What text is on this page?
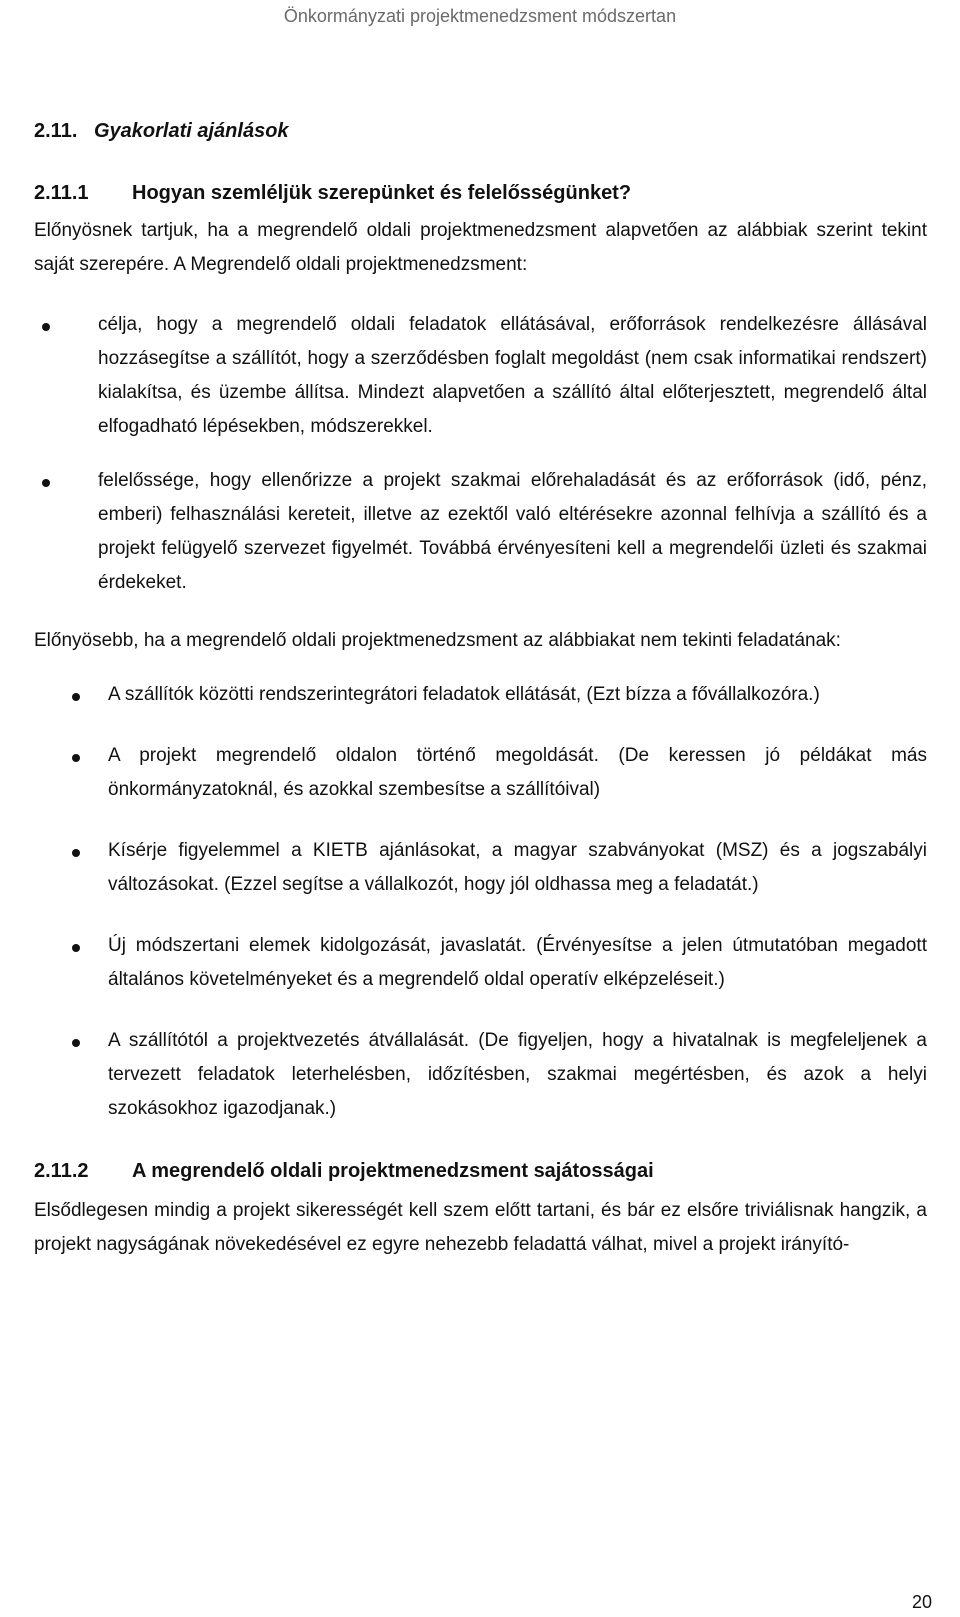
Önkormányzati projektmenedzsment módszertan
2.11. Gyakorlati ajánlások
2.11.1 Hogyan szemléljük szerepünket és felelősségünket?

Előnyösnek tartjuk, ha a megrendelő oldali projektmenedzsment alapvetően az alábbiak szerint tekint saját szerepére. A Megrendelő oldali projektmenedzsment:

célja, hogy a megrendelő oldali feladatok ellátásával, erőforrások rendelkezésre állásával hozzásegítse a szállítót, hogy a szerződésben foglalt megoldást (nem csak informatikai rendszert) kialakítsa, és üzembe állítsa. Mindezt alapvetően a szállító által előterjesztett, megrendelő által elfogadható lépésekben, módszerekkel.
felelőssége, hogy ellenőrizze a projekt szakmai előrehaladását és az erőforrások (idő, pénz, emberi) felhasználási kereteit, illetve az ezektől való eltérésekre azonnal felhívja a szállító és a projekt felügyelő szervezet figyelmét. Továbbá érvényesíteni kell a megrendelői üzleti és szakmai érdekeket.

Előnyösebb, ha a megrendelő oldali projektmenedzsment az alábbiakat nem tekinti feladatának:

A szállítók közötti rendszerintegrátori feladatok ellátását, (Ezt bízza a fővállalkozóra.)
A projekt megrendelő oldalon történő megoldását. (De keressen jó példákat más önkormányzatoknál, és azokkal szembesítse a szállítóival)
Kísérje figyelemmel a KIETB ajánlásokat, a magyar szabványokat (MSZ) és a jogszabályi változásokat. (Ezzel segítse a vállalkozót, hogy jól oldhassa meg a feladatát.)
Új módszertani elemek kidolgozását, javaslatát. (Érvényesítse a jelen útmutatóban megadott általános követelményeket és a megrendelő oldal operatív elképzeléseit.)
A szállítótól a projektvezetés átvállalását. (De figyeljen, hogy a hivatalnak is megfeleljenek a tervezett feladatok leterhelésben, időzítésben, szakmai megértésben, és azok a helyi szokásokhoz igazodjanak.)
2.11.2 A megrendelő oldali projektmenedzsment sajátosságai

Elsődlegesen mindig a projekt sikerességét kell szem előtt tartani, és bár ez elsőre triviálisnak hangzik, a projekt nagyságának növekedésével ez egyre nehezebb feladattá válhat, mivel a projekt irányító-

20
